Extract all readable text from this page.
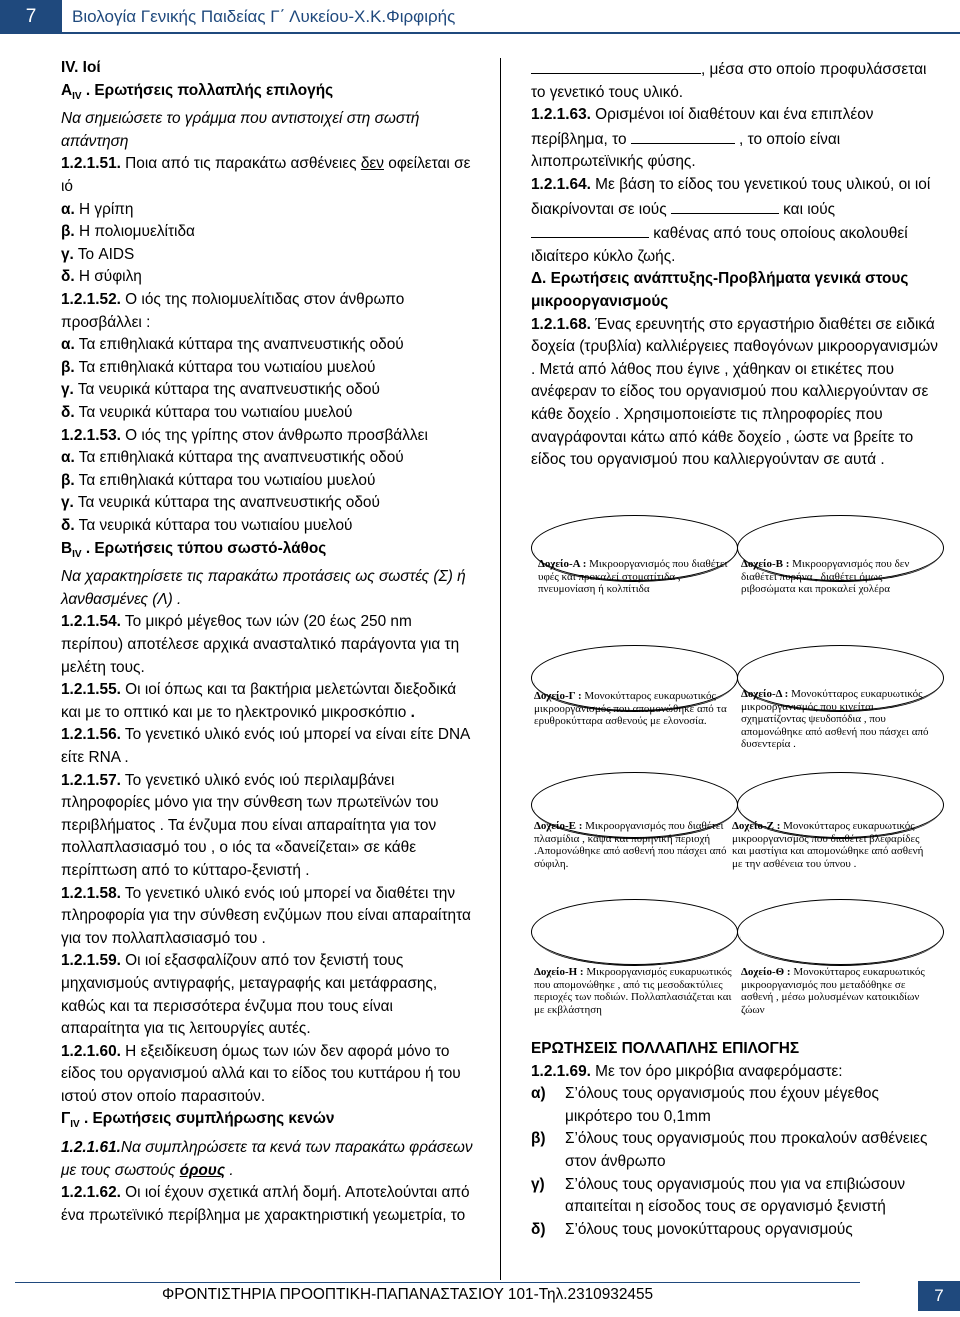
7	Βιολογία Γενικής Παιδείας Γ΄ Λυκείου-Χ.Κ.Φιρφιρής

IV. Ιοί

$A_{IV}$ . Ερωτήσεις πολλαπλής επιλογής

Να σημειώσετε το γράμμα που αντιστοιχεί στη σωστή απάντηση

1.2.1.51. Ποια από τις παρακάτω ασθένειες δεν οφείλεται σε ιό

α. Η γρίπη

β. Η πολιομυελίτιδα

γ. Το AIDS

δ. Η σύφιλη

1.2.1.52. Ο ιός της πολιομυελίτιδας στον άνθρωπο προσβάλλει :

α. Τα επιθηλιακά κύτταρα της αναπνευστικής οδού

β. Τα επιθηλιακά κύτταρα του νωτιαίου μυελού

γ. Τα νευρικά κύτταρα της αναπνευστικής οδού

δ. Τα νευρικά κύτταρα του νωτιαίου μυελού

1.2.1.53. Ο ιός της γρίπης στον άνθρωπο προσβάλλει

α. Τα επιθηλιακά κύτταρα της αναπνευστικής οδού

β. Τα επιθηλιακά κύτταρα του νωτιαίου μυελού

γ. Τα νευρικά κύτταρα της αναπνευστικής οδού

δ. Τα νευρικά κύτταρα του νωτιαίου μυελού

$B_{IV}$ . Ερωτήσεις τύπου σωστό-λάθος

Να χαρακτηρίσετε τις παρακάτω προτάσεις ως σωστές (Σ) ή λανθασμένες (Λ) .

1.2.1.54. Το μικρό μέγεθος των ιών (20 έως 250 nm περίπου) αποτέλεσε αρχικά ανασταλτικό παράγοντα για τη μελέτη τους.

1.2.1.55. Οι ιοί όπως και τα βακτήρια μελετώνται διεξοδικά και με το οπτικό και με το ηλεκτρονικό μικροσκόπιο .

1.2.1.56. Το γενετικό υλικό ενός ιού μπορεί να είναι είτε DNA είτε RNA .

1.2.1.57. Το γενετικό υλικό ενός ιού περιλαμβάνει πληροφορίες μόνο για την σύνθεση των πρωτεϊνών του περιβλήματος . Τα ένζυμα που είναι απαραίτητα για τον πολλαπλασιασμό του , ο ιός τα «δανείζεται» σε κάθε περίπτωση από το κύτταρο-ξενιστή .

1.2.1.58. Το γενετικό υλικό ενός ιού μπορεί να διαθέτει την πληροφορία για την σύνθεση ενζύμων που είναι απαραίτητα για τον πολλαπλασιασμό του .

1.2.1.59. Οι ιοί εξασφαλίζουν από τον ξενιστή τους μηχανισμούς αντιγραφής, μεταγραφής και μετάφρασης, καθώς και τα περισσότερα ένζυμα που τους είναι απαραίτητα για τις λειτουργίες αυτές.

1.2.1.60. Η εξειδίκευση όμως των ιών δεν αφορά μόνο το είδος του οργανισμού αλλά και το είδος του κυττάρου ή του ιστού στον οποίο παρασιτούν.

$\Gamma_{IV}$ . Ερωτήσεις συμπλήρωσης κενών

1.2.1.61.Να συμπληρώσετε τα κενά των παρακάτω φράσεων με τους σωστούς όρους .

1.2.1.62. Οι ιοί έχουν σχετικά απλή δομή. Αποτελούνται από ένα πρωτεϊνικό περίβλημα με χαρακτηριστική γεωμετρία, το

, μέσα στο οποίο προφυλάσσεται το γενετικό τους υλικό.

1.2.1.63. Ορισμένοι ιοί διαθέτουν και ένα επιπλέον περίβλημα, το	, το οποίο είναι λιποπρωτεϊνικής φύσης.

1.2.1.64. Με βάση το είδος του γενετικού τους υλικού, οι ιοί διακρίνονται σε ιούς	και ιούς  καθένας από τους οποίους ακολουθεί ιδιαίτερο κύκλο ζωής.

Δ. Ερωτήσεις ανάπτυξης-Προβλήματα γενικά στους μικροοργανισμούς

1.2.1.68. Ένας ερευνητής στο εργαστήριο διαθέτει σε ειδικά δοχεία (τρυβλία) καλλιέργειες παθογόνων μικροοργανισμών . Μετά από λάθος που έγινε , χάθηκαν οι ετικέτες που ανέφεραν το είδος του οργανισμού που καλλιεργούνταν σε κάθε δοχείο . Χρησιμοποιείστε τις πληροφορίες που αναγράφονται κάτω από κάθε δοχείο , ώστε να βρείτε το είδος του οργανισμού που καλλιεργούνταν σε αυτά .

Δοχείο-Α : Μικροοργανισμός που διαθέτει υφές και προκαλεί στοματίτιδα , πνευμονίαση ή κολπίτιδα
Δοχείο-Β : Μικροοργανισμός που δεν διαθέτει πυρήνα , διαθέτει όμως ριβοσώματα και προκαλεί χολέρα
Δοχείο-Γ : Μονοκύτταρος ευκαρυωτικός μικροοργανισμός που απομονώθηκε από τα ερυθροκύτταρα ασθενούς με ελονοσία.
Δοχείο-Δ : Μονοκύτταρος ευκαρυωτικός μικροοργανισμός που κινείται σχηματίζοντας ψευδοπόδια , που απομονώθηκε από ασθενή που πάσχει από δυσεντερία .
Δοχείο-Ε : Μικροοργανισμός που διαθέτει πλασμίδια , κάψα και πυρηνική περιοχή .Απομονώθηκε από ασθενή που πάσχει από σύφιλη.
Δοχείο-Ζ : Μονοκύτταρος ευκαρυωτικός μικροοργανισμός που διαθέτει βλεφαρίδες και μαστίγια και απομονώθηκε από ασθενή με την ασθένεια του ύπνου .
Δοχείο-Η : Μικροοργανισμός ευκαρυωτικός που απομονώθηκε , από τις μεσοδακτύλιες περιοχές των ποδιών. Πολλαπλασιάζεται και με εκβλάστηση
Δοχείο-Θ : Μονοκύτταρος ευκαρυωτικός μικροοργανισμός που μεταδόθηκε σε ασθενή , μέσω μολυσμένων κατοικιδίων ζώων

ΕΡΩΤΗΣΕΙΣ ΠΟΛΛΑΠΛΗΣ ΕΠΙΛΟΓΗΣ

1.2.1.69. Με τον όρο μικρόβια αναφερόμαστε:

α) Σ’όλους τους οργανισμούς που έχουν μέγεθος μικρότερο του 0,1mm
β) Σ’όλους τους οργανισμούς που προκαλούν ασθένειες στον άνθρωπο
γ) Σ’όλους τους οργανισμούς που για να επιβιώσουν απαιτείται η είσοδος τους σε οργανισμό ξενιστή
δ) Σ’όλους τους μονοκύτταρους οργανισμούς
ΦΡΟΝΤΙΣΤΗΡΙΑ ΠΡΟΟΠΤΙΚΗ-ΠΑΠΑΝΑΣΤΑΣΙΟΥ 101-Τηλ.2310932455	7
